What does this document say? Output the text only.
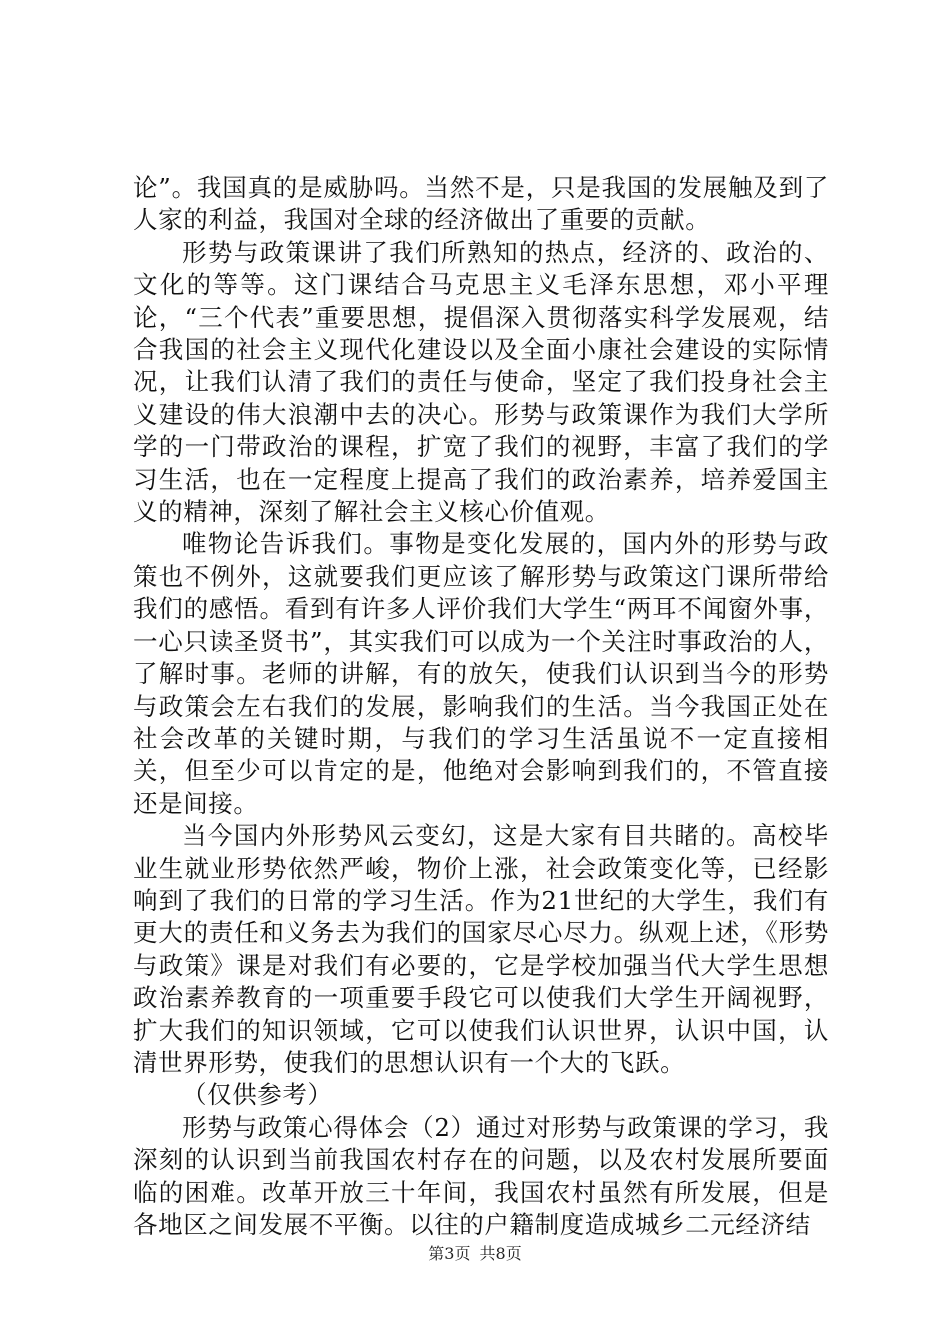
论”。我国真的是威胁吗。当然不是，只是我国的发展触及到了人家的利益，我国对全球的经济做出了重要的贡献。

形势与政策课讲了我们所熟知的热点，经济的、政治的、文化的等等。这门课结合马克思主义毛泽东思想，邓小平理论，“三个代表”重要思想，提倡深入贯彻落实科学发展观，结合我国的社会主义现代化建设以及全面小康社会建设的实际情况，让我们认清了我们的责任与使命，坚定了我们投身社会主义建设的伟大浪潮中去的决心。形势与政策课作为我们大学所学的一门带政治的课程，扩宽了我们的视野，丰富了我们的学习生活，也在一定程度上提高了我们的政治素养，培养爱国主义的精神，深刻了解社会主义核心价值观。

唯物论告诉我们。事物是变化发展的，国内外的形势与政策也不例外，这就要我们更应该了解形势与政策这门课所带给我们的感悟。看到有许多人评价我们大学生“两耳不闻窗外事，一心只读圣贤书”，其实我们可以成为一个关注时事政治的人，了解时事。老师的讲解，有的放矢，使我们认识到当今的形势与政策会左右我们的发展，影响我们的生活。当今我国正处在社会改革的关键时期，与我们的学习生活虽说不一定直接相关，但至少可以肯定的是，他绝对会影响到我们的，不管直接还是间接。

当今国内外形势风云变幻，这是大家有目共睹的。高校毕业生就业形势依然严峻，物价上涨，社会政策变化等，已经影响到了我们的日常的学习生活。作为21世纪的大学生，我们有更大的责任和义务去为我们的国家尽心尽力。纵观上述，《形势与政策》课是对我们有必要的，它是学校加强当代大学生思想政治素养教育的一项重要手段它可以使我们大学生开阔视野，扩大我们的知识领域，它可以使我们认识世界，认识中国，认清世界形势，使我们的思想认识有一个大的飞跃。

（仅供参考）

形势与政策心得体会（2）通过对形势与政策课的学习，我深刻的认识到当前我国农村存在的问题，以及农村发展所要面临的困难。改革开放三十年间，我国农村虽然有所发展，但是各地区之间发展不平衡。以往的户籍制度造成城乡二元经济结

第3页 共8页
